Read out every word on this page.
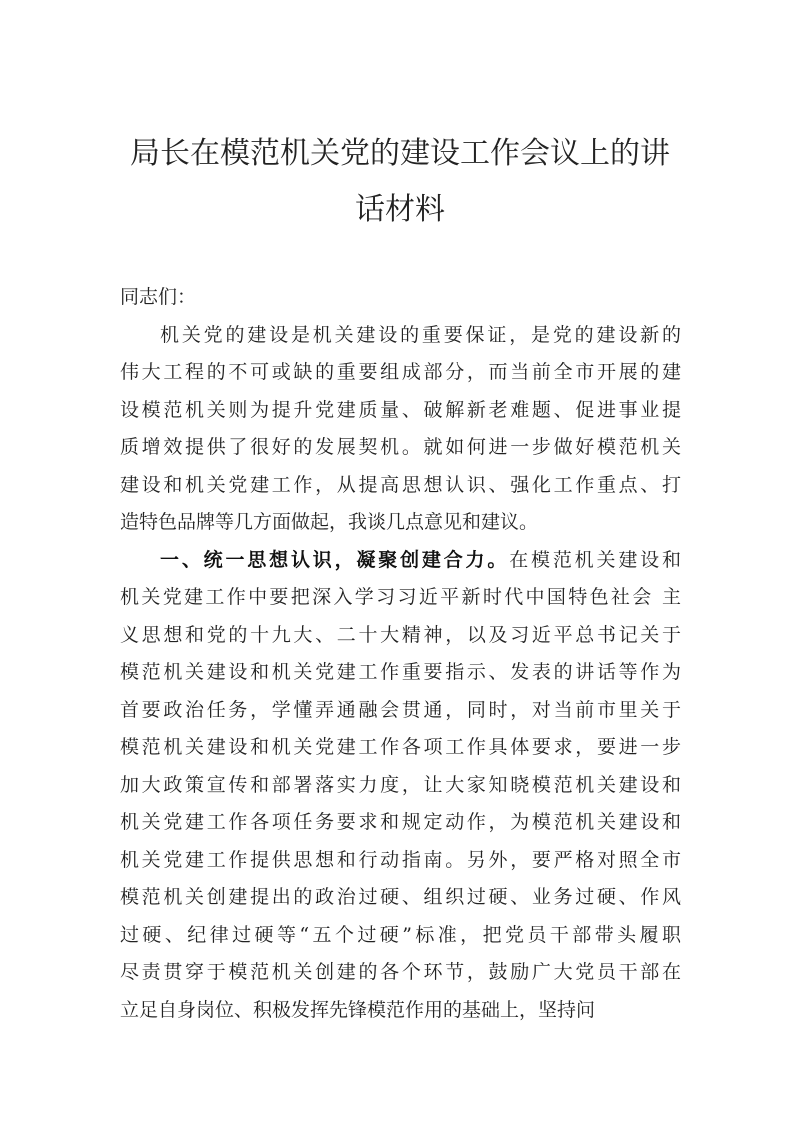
局长在模范机关党的建设工作会议上的讲
话材料
同志们：
机关党的建设是机关建设的重要保证，是党的建设新的
伟大工程的不可或缺的重要组成部分，而当前全市开展的建
设模范机关则为提升党建质量、破解新老难题、促进事业提
质增效提供了很好的发展契机。就如何进一步做好模范机关
建设和机关党建工作，从提高思想认识、强化工作重点、打
造特色品牌等几方面做起，我谈几点意见和建议。
一、统一思想认识，凝聚创建合力。在模范机关建设和
机关党建工作中要把深入学习习近平新时代中国特色社会 主
义思想和党的十九大、二十大精神，以及习近平总书记关于
模范机关建设和机关党建工作重要指示、发表的讲话等作为
首要政治任务，学懂弄通融会贯通，同时，对当前市里关于
模范机关建设和机关党建工作各项工作具体要求，要进一步
加大政策宣传和部署落实力度，让大家知晓模范机关建设和
机关党建工作各项任务要求和规定动作，为模范机关建设和
机关党建工作提供思想和行动指南。另外，要严格对照全市
模范机关创建提出的政治过硬、组织过硬、业务过硬、作风
过硬、纪律过硬等“五个过硬”标准，把党员干部带头履职
尽责贯穿于模范机关创建的各个环节，鼓励广大党员干部在
立足自身岗位、积极发挥先锋模范作用的基础上，坚持问
